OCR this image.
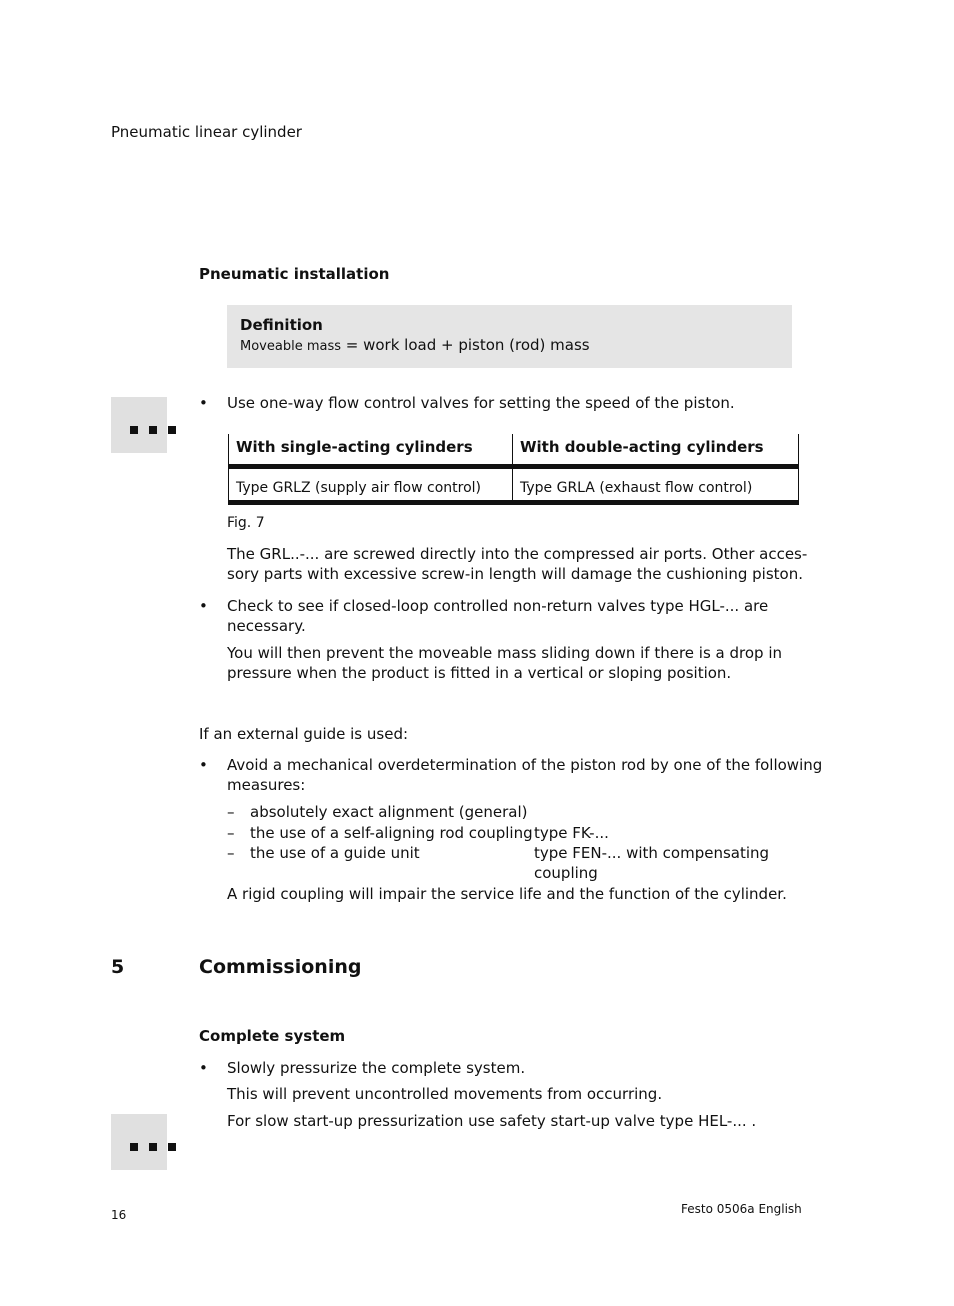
Pneumatic linear cylinder
Pneumatic installation
Definition
Moveable mass = work load + piston (rod) mass
• Use one-way flow control valves for setting the speed of the piston.
With single-acting cylinders	With double-acting cylinders
Type GRLZ (supply air flow control)	Type GRLA (exhaust flow control)
Fig. 7
The GRL..-... are screwed directly into the compressed air ports. Other acces-
sory parts with excessive screw-in length will damage the cushioning piston.
• Check to see if closed-loop controlled non-return valves type HGL-... are
necessary.
You will then prevent the moveable mass sliding down if there is a drop in
pressure when the product is fitted in a vertical or sloping position.
If an external guide is used:
• Avoid a mechanical overdetermination of the piston rod by one of the following
measures:
– absolutely exact alignment (general)
– the use of a self-aligning rod coupling type FK-...
– the use of a guide unit	type FEN-... with compensating
coupling
A rigid coupling will impair the service life and the function of the cylinder.
5	Commissioning
Complete system
• Slowly pressurize the complete system.
This will prevent uncontrolled movements from occurring.
For slow start-up pressurization use safety start-up valve type HEL-... .
16	Festo 0506a English
